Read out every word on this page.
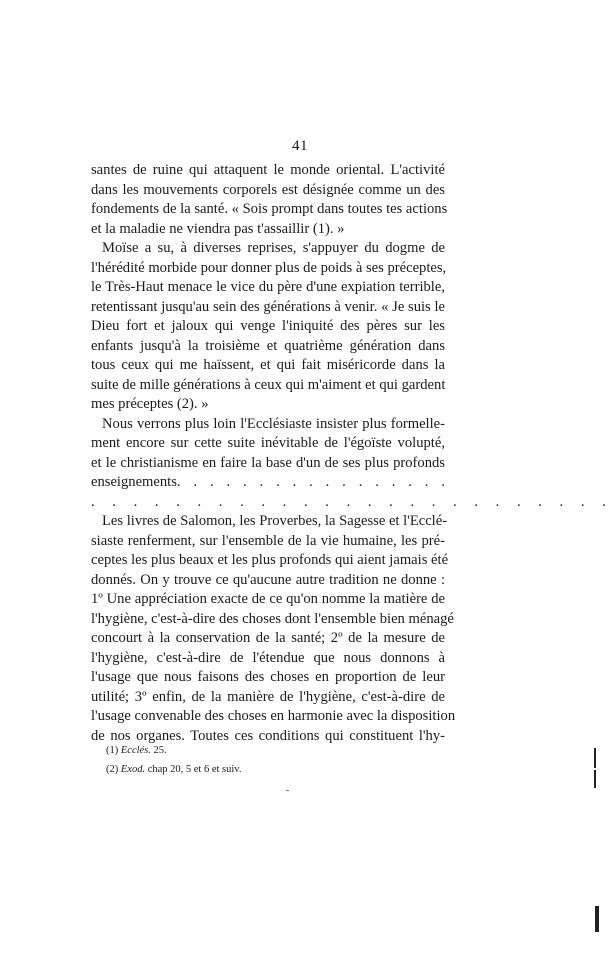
41
santes de ruine qui attaquent le monde oriental. L'activité
dans les mouvements corporels est désignée comme un des
fondements de la santé. « Sois prompt dans toutes tes actions
et la maladie ne viendra pas t'assaillir (1). »
Moïse a su, à diverses reprises, s'appuyer du dogme de
l'hérédité morbide pour donner plus de poids à ses préceptes,
le Très-Haut menace le vice du père d'une expiation terrible,
retentissant jusqu'au sein des générations à venir. « Je suis le
Dieu fort et jaloux qui venge l'iniquité des pères sur les
enfants jusqu'à la troisième et quatrième génération dans
tous ceux qui me haïssent, et qui fait miséricorde dans la
suite de mille générations à ceux qui m'aiment et qui gardent
mes préceptes (2). »
Nous verrons plus loin l'Ecclésiaste insister plus formelle-
ment encore sur cette suite inévitable de l'égoïste volupté,
et le christianisme en faire la base d'un de ses plus profonds
enseignements. . . . . . . . . . . . . . . . .
. . . . . . . . . . . . . . . . . . . . . . . . .
Les livres de Salomon, les Proverbes, la Sagesse et l'Ecclé-
siaste renferment, sur l'ensemble de la vie humaine, les pré-
ceptes les plus beaux et les plus profonds qui aient jamais été
donnés. On y trouve ce qu'aucune autre tradition ne donne :
1º Une appréciation exacte de ce qu'on nomme la matière de
l'hygiène, c'est-à-dire des choses dont l'ensemble bien ménagé
concourt à la conservation de la santé; 2º de la mesure de
l'hygiène, c'est-à-dire de l'étendue que nous donnons à
l'usage que nous faisons des choses en proportion de leur
utilité; 3º enfin, de la manière de l'hygiène, c'est-à-dire de
l'usage convenable des choses en harmonie avec la disposition
de nos organes. Toutes ces conditions qui constituent l'hy-
(1) Ecclés. 25.
(2) Exod. chap 20, 5 et 6 et suiv.
